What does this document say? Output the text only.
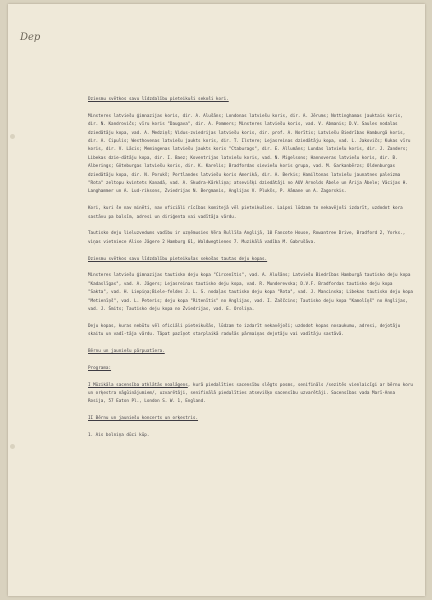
Dep

Dziesmu svētkos savu līdzdalību pieteikuši sekoši kori.

Minsteres latviešu ģimnazijas koris, dir. A. Alušāns; Londonas latviešu koris, dir. A. Jērums; Nottinghamas jauktais koris, dir. N. Kandrovičs; vīru koris "Daugava", dir. A. Pommers; Minsteres latviešu koris, vad. V. Abmanis; D.V. Saules nodalas dziedātāju kopa, vad. A. Medziņš; Vidus-zviedrijas latviešu koris, dir. prof. A. Norītis; Latviešu Biedrības Hamburgā koris, dir. A. Cipulis; Westhovenas latviešu jaukts koris, dir. T. Ilstere; Lejasreinas dziedātāju kopa, vad. L. Jakovičs; Kukas vīru koris, dir. V. Lācis; Memingenas latviešu jaukts koris "Ctaburags", dir. E. Allumāns; Lundas latviešu koris, dir. J. Zanders; Libekas dzie-dātāju kopa, dir. I. Baez; Koventrijas latviešu koris, vad. N. Migelsons; Hannoveras latviešu koris, dir. B. Alberings; Göteburgas latviešu koris, dir. K. Karelis; Bradfordas sieviešu koris grupa, vad. M. Garkanbērzs; Oldenburgas dziedātāju kopa, dir. N. Porukš; Portlandes latviešu koris Amerikā, dir. A. Berkis; Hamiltonas latviešu jaunatnes paleizma "Rota" zeltopu kvintets Kanadā, vad. A. Skudra-Kārkliņa; atsevišķi dziedātāji no AUV Arnolds Ābele un Ārija Ābele; Vācijas H. Langhammer un A. Lud-riksons, Zviedrijas N. Bergmanis, Anglijas V. Plukšs, P. Aāmane un A. Zagorskis.

Kori, kuri še nav minēti, nav oficiāli rīcības komitejā vēl pieteikušies. Laipni lūdzam to nekavējoši izdarīt, uzdodot kora sastāvu pa balsīm, adresi un diriģenta vai vadītāja vārdu.

Tautisko deju lieluzvedums vadību ir uzņēmusies Vēra Rullīša Anglijā, 10 Fancote House, Rowantree Drive, Bradford 2, Yorks., viņas vietniece Alise Jāgere 2 Hamburg 61, Waldwegtienes 7. Muzikālā vadība M. Gabrušāva.

Dziesmu svētkos savu līdzdalību pieteikušas sekošas tautas deju kopas.

Minsteres latviešu ģimnazijas tautisko deju kopa "Circenītis", vad. A. Alušāns; Latviešu Biedrības Hamburgā tautisko deju kopa "Kadaslīgas", vad. A. Jāgers; Lejasreinas tautisko deju kopa, vad. R. Munderevska; D.V.F. Bradfordas tautisko deju kopa "Sakta", vad. H. Liepiņa;Biele-feldes J. L. S. nodaļas tautisko deju kopa "Rota", vad. J. Mancinska; Libekas tautisko deju kopa "Metienīņš", vad. L. Peteris; deju kopa "Ritenītis" no Anglijas, vad. I. Zaščcins; Tautisko deju kopa "Kamolīņš" no Anglijas, vad. J. Šmits; Tautisko deju kopa no Zviedrijas, vad. E. Oroliņa.

Deju kopas, kuras nebūtu vēl oficiāli pieteikušās, lūdzam to izdarīt nekavējoši; uzdodot kopas nosaukumu, adresi, dejotāju skaitu un vadī-tāja vārdu. Tāpat pazīņot starplaikā radušās pārmaiņas dejotāju vai vadītāju sastāvā.

Bērnu un jauniešu pārpuatīera.

Programa:

I Mūzikāla sacensība atklātās noalāgens, kurā piedalīties sacensību slēgts posms, senifināls /sezitēs vienlaicīgi ar bērnu koru un orķestra nāgūinājumiem/, uzvarētāji, senifinālā piedalīties atsevišķo sacensību uzvarētāji. Sacensības vada Marī-Anna Rosija, 57 Eaton Pl., London S. W. 1, England.

II Bērnu un jauniešu koncerts un orķestris.

1. Ais bolniņa dūci kūp.
